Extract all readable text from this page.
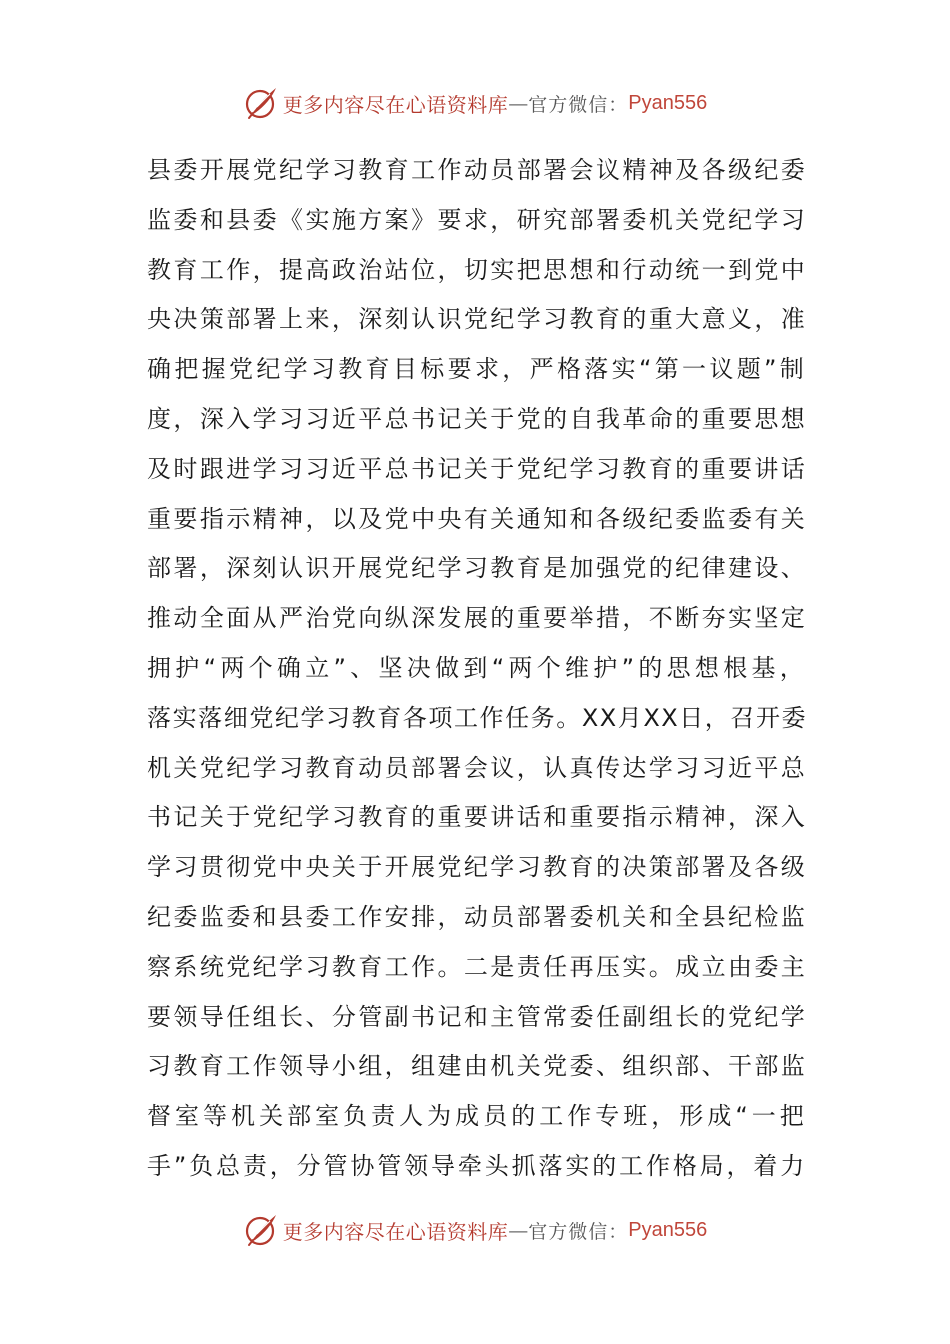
更多内容尽在心语资料库 — 官方微信： Pyan556
县委开展党纪学习教育工作动员部署会议精神及各级纪委
监委和县委《实施方案》要求，研究部署委机关党纪学习
教育工作，提高政治站位，切实把思想和行动统一到党中
央决策部署上来，深刻认识党纪学习教育的重大意义，准
确把握党纪学习教育目标要求，严格落实“第一议题”制
度，深入学习习近平总书记关于党的自我革命的重要思想
及时跟进学习习近平总书记关于党纪学习教育的重要讲话
重要指示精神，以及党中央有关通知和各级纪委监委有关
部署，深刻认识开展党纪学习教育是加强党的纪律建设、
推动全面从严治党向纵深发展的重要举措，不断夯实坚定
拥护“两个确立”、坚决做到“两个维护”的思想根基，
落实落细党纪学习教育各项工作任务。XX月XX日，召开委
机关党纪学习教育动员部署会议，认真传达学习习近平总
书记关于党纪学习教育的重要讲话和重要指示精神，深入
学习贯彻党中央关于开展党纪学习教育的决策部署及各级
纪委监委和县委工作安排，动员部署委机关和全县纪检监
察系统党纪学习教育工作。二是责任再压实。成立由委主
要领导任组长、分管副书记和主管常委任副组长的党纪学
习教育工作领导小组，组建由机关党委、组织部、干部监
督室等机关部室负责人为成员的工作专班，形成“一把
手”负总责，分管协管领导牵头抓落实的工作格局，着力
更多内容尽在心语资料库 — 官方微信： Pyan556
